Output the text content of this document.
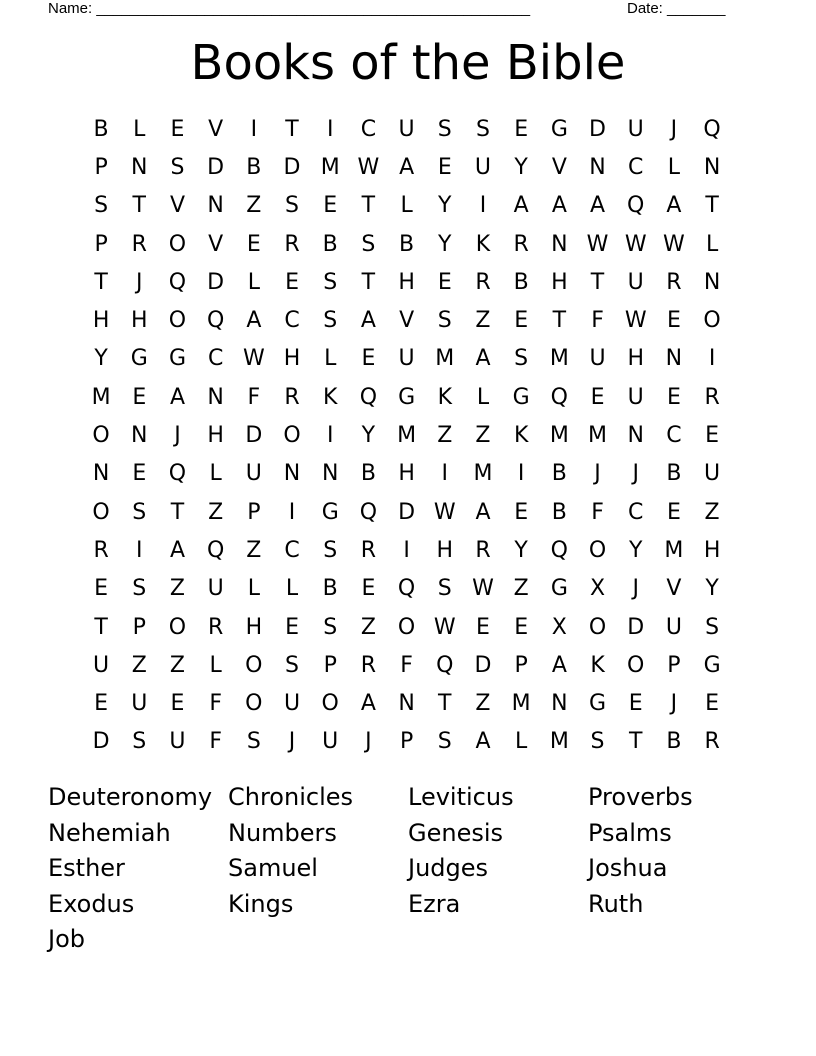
Name: ____________________________________________________	Date: _______
Books of the Bible
B	L	E	V	I	T	I	C	U	S	S	E	G D U	J	Q
P	N	S	D	B	D M W A	E	U	Y	V	N	C	L	N
S	T	V	N	Z	S	E	T	L	Y	I	A	A	A Q	A	T
P	R O	V	E	R	B	S	B	Y	K	R	N W W W L
T	J	Q D	L	E	S	T	H	E	R	B	H	T	U	R	N
H H O Q	A	C	S	A	V	S	Z	E	T	F W E	O
Y	G G C W H	L	E	U M A	S M U H N	I
M E	A	N	F	R	K	Q G	K	L	G Q	E	U	E	R
O N	J	H D O	I	Y M Z	Z	K M M N	C	E
N	E	Q	L	U N N	B	H	I	M	I	B	J	J	B	U
O	S	T	Z	P	I	G Q D W A	E	B	F	C	E	Z
R	I	A Q Z	C	S	R	I	H	R	Y	Q O	Y M H
E	S	Z	U	L	L	B	E	Q	S W Z	G	X	J	V	Y
T	P	O R	H	E	S	Z O W E	E	X O D U	S
U	Z	Z	L	O	S	P	R	F	Q D	P	A	K	O	P	G
E	U	E	F	O U O	A	N	T	Z M N G	E	J	E
D	S	U	F	S	J	U	J	P	S	A	L	M S	T	B	R
Deuteronomy Chronicles	Leviticus	Proverbs
Nehemiah	Numbers	Genesis	Psalms
Esther	Samuel	Judges	Joshua
Exodus	Kings	Ezra	Ruth
Job
